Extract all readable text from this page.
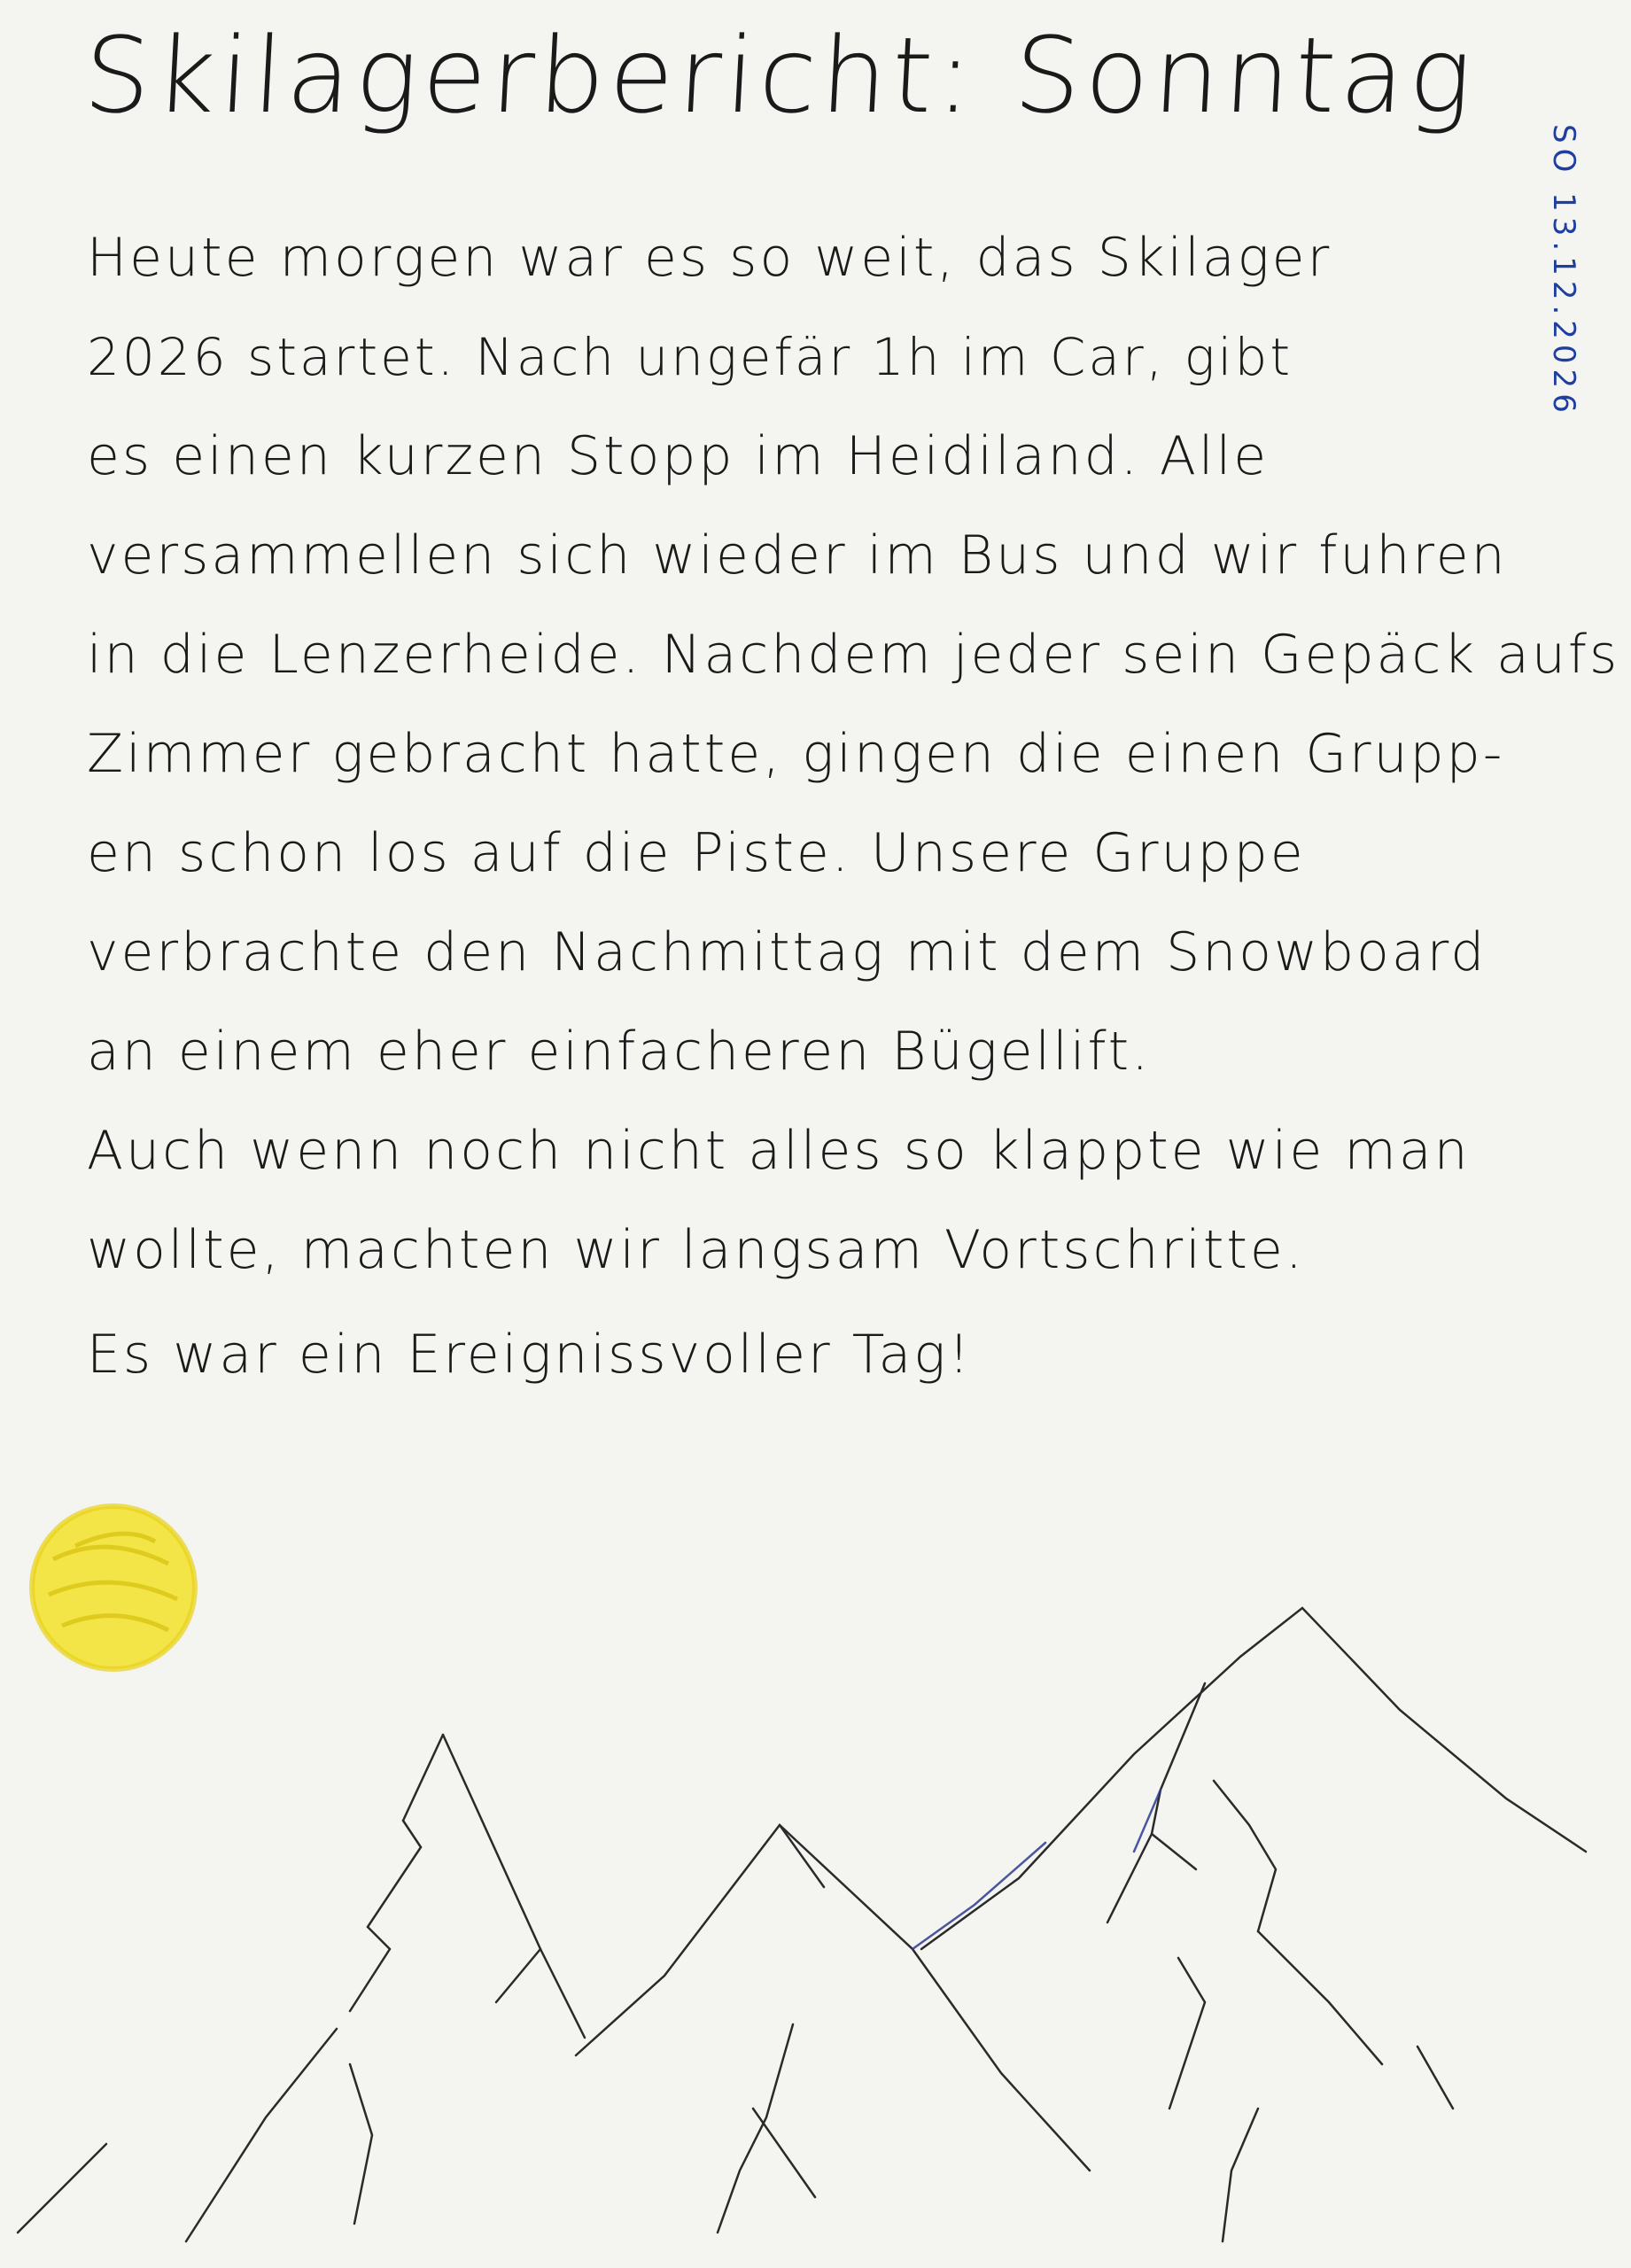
Skilagerbericht: Sonntag
SO 13.12.2026
Heute morgen war es so weit, das Skilager
2026 startet. Nach ungefär 1h im Car, gibt
es einen kurzen Stopp im Heidiland. Alle
versammellen sich wieder im Bus und wir fuhren
in die Lenzerheide. Nachdem jeder sein Gepäck aufs
Zimmer gebracht hatte, gingen die einen Grupp-
en schon los auf die Piste. Unsere Gruppe
verbrachte den Nachmittag mit dem Snowboard
an einem eher einfacheren Bügellift.
Auch wenn noch nicht alles so klappte wie man
wollte, machten wir langsam Vortschritte.
Es war ein Ereignissvoller Tag!
